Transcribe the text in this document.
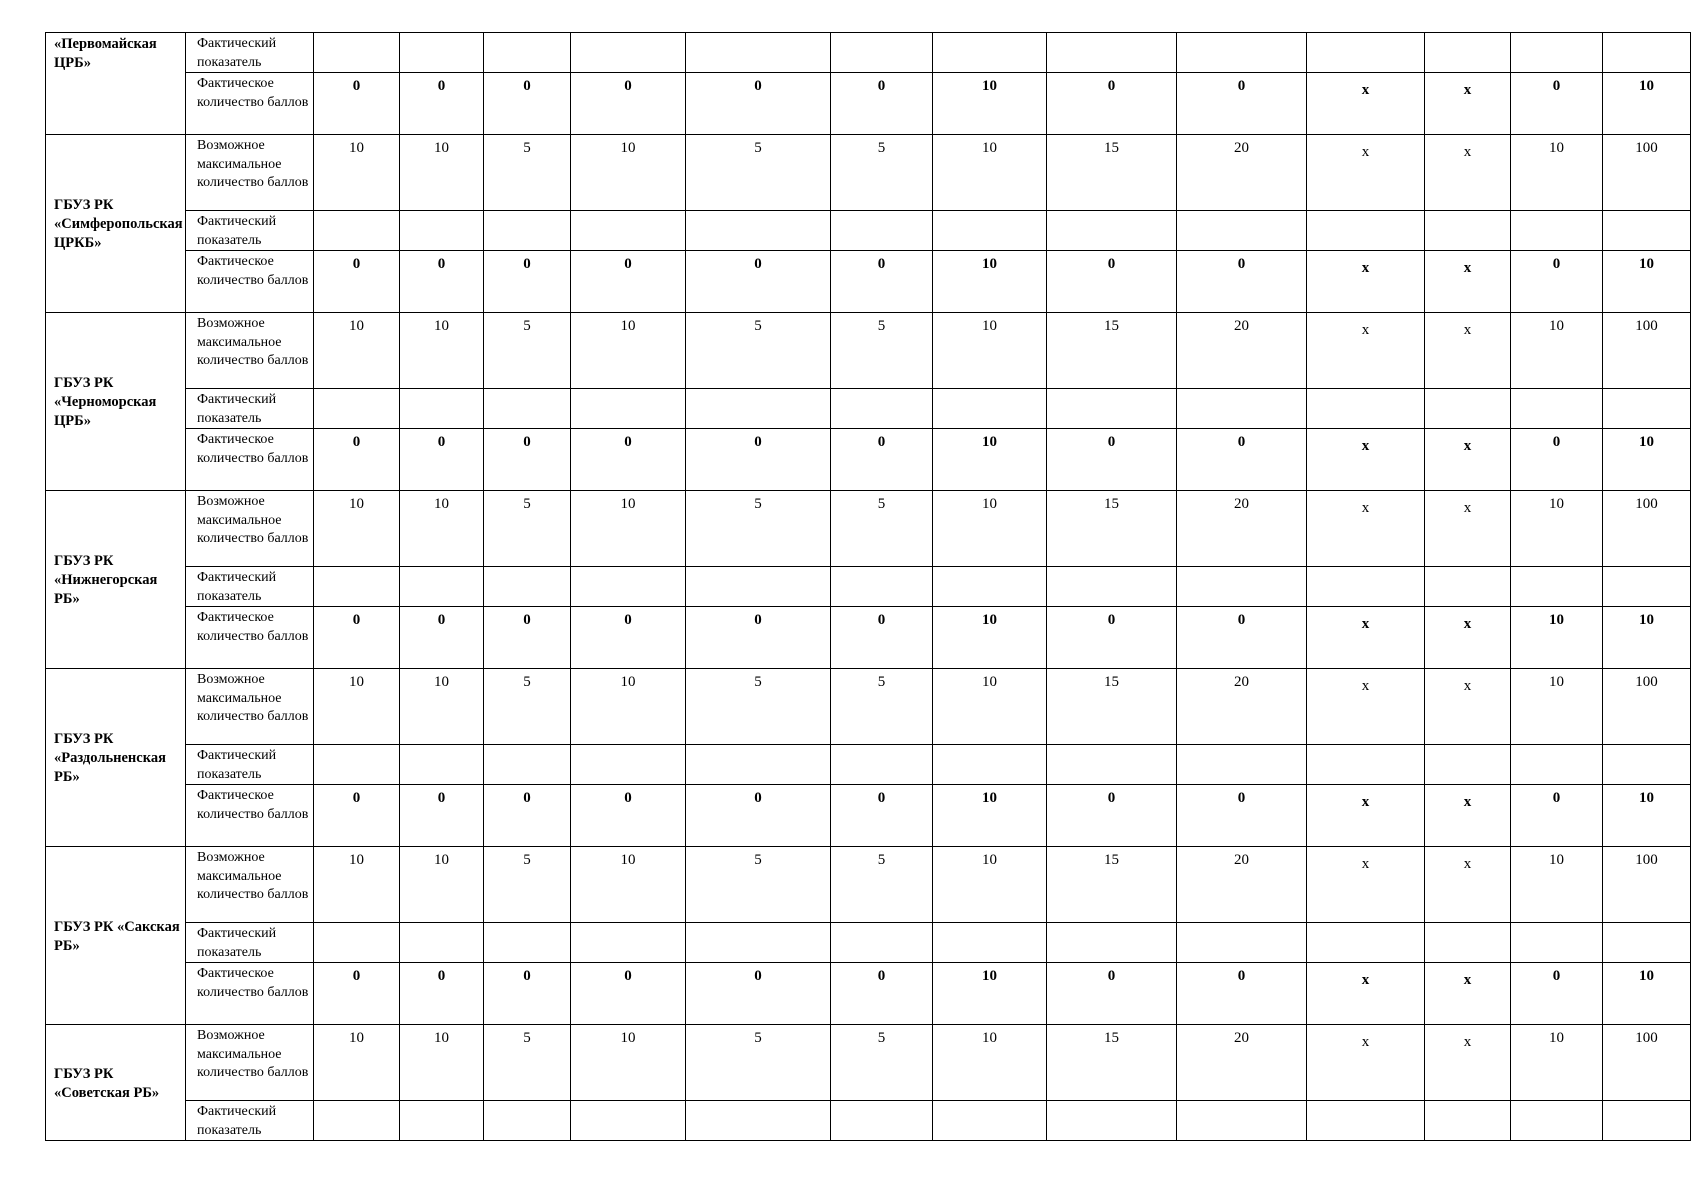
«Первомайская ЦРБ»	Фактический показатель													
	Фактическое количество баллов	0	0	0	0	0	0	10	0	0	x	x	0	10
ГБУЗ РК «Симферопольская ЦРКБ»	Возможное максимальное количество баллов	10	10	5	10	5	5	10	15	20	x	x	10	100
	Фактический показатель													
	Фактическое количество баллов	0	0	0	0	0	0	10	0	0	x	x	0	10
ГБУЗ РК «Черноморская ЦРБ»	Возможное максимальное количество баллов	10	10	5	10	5	5	10	15	20	x	x	10	100
	Фактический показатель													
	Фактическое количество баллов	0	0	0	0	0	0	10	0	0	x	x	0	10
ГБУЗ РК «Нижнегорская РБ»	Возможное максимальное количество баллов	10	10	5	10	5	5	10	15	20	x	x	10	100
	Фактический показатель													
	Фактическое количество баллов	0	0	0	0	0	0	10	0	0	x	x	10	10
ГБУЗ РК «Раздольненская РБ»	Возможное максимальное количество баллов	10	10	5	10	5	5	10	15	20	x	x	10	100
	Фактический показатель													
	Фактическое количество баллов	0	0	0	0	0	0	10	0	0	x	x	0	10
ГБУЗ РК «Сакская РБ»	Возможное максимальное количество баллов	10	10	5	10	5	5	10	15	20	x	x	10	100
	Фактический показатель													
	Фактическое количество баллов	0	0	0	0	0	0	10	0	0	x	x	0	10
ГБУЗ РК «Советская РБ»	Возможное максимальное количество баллов	10	10	5	10	5	5	10	15	20	x	x	10	100
	Фактический показатель													
